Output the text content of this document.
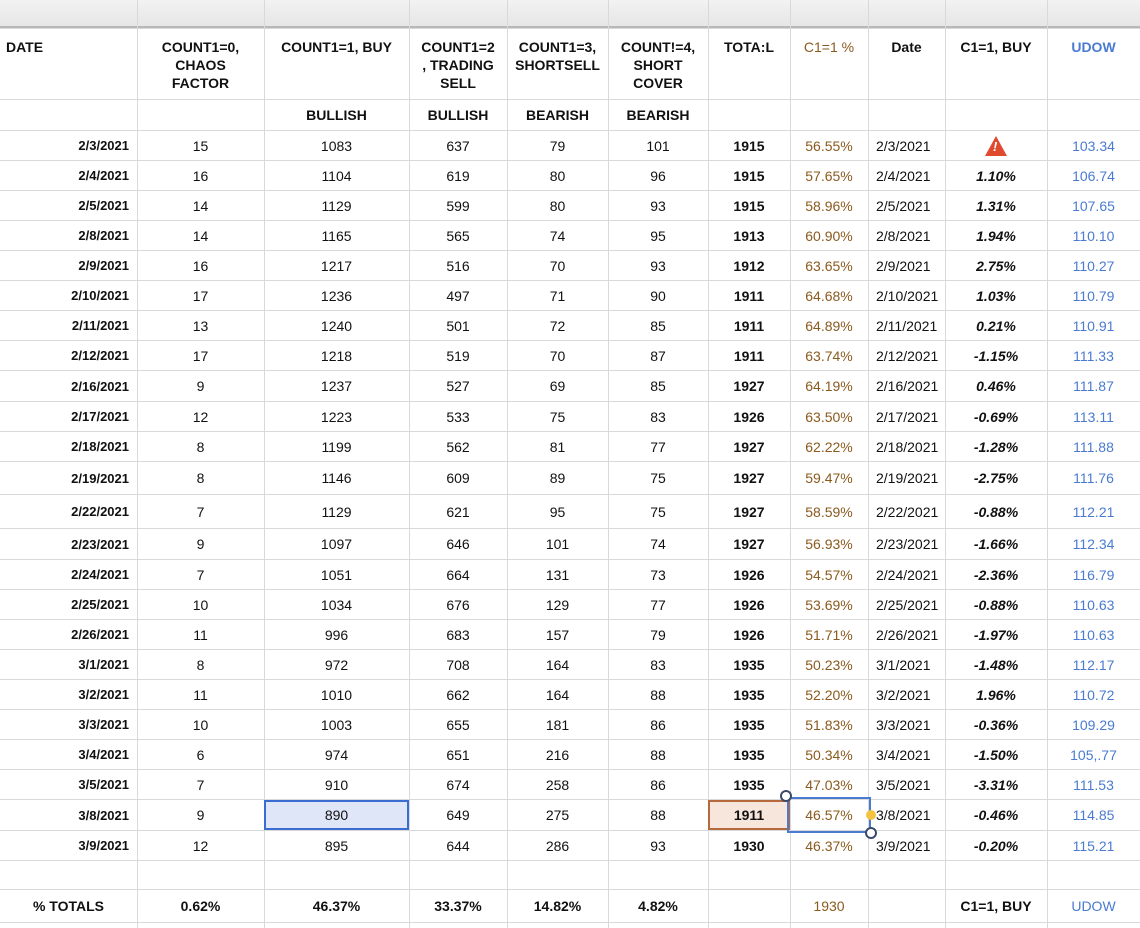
DATE	COUNT1=0,
CHAOS
FACTOR
COUNT1=1, BUY COUNT1=2
, TRADING
SELL
COUNT1=3,
SHORTSELL
COUNT!=4,
SHORT
COVER
TOTA:L C1=1 %	Date	C1=1, BUY	UDOW
BULLISH	BULLISH	BEARISH	BEARISH
2/3/2021	15	1083	637	79	101	1915	56.55%	2/3/2021
!	103.34
2/4/2021	16	1104	619	80	96	1915	57.65%	2/4/2021	1.10%	106.74
2/5/2021	14	1129	599	80	93	1915	58.96%	2/5/2021	1.31%	107.65
2/8/2021	14	1165	565	74	95	1913	60.90%	2/8/2021	1.94%	110.10
2/9/2021	16	1217	516	70	93	1912	63.65%	2/9/2021	2.75%	110.27
2/10/2021	17	1236	497	71	90	1911	64.68%	2/10/2021	1.03%	110.79
2/11/2021	13	1240	501	72	85	1911	64.89%	2/11/2021	0.21%	110.91
2/12/2021	17	1218	519	70	87	1911	63.74%	2/12/2021	-1.15%	111.33
2/16/2021	9	1237	527	69	85	1927	64.19%	2/16/2021	0.46%	111.87
2/17/2021	12	1223	533	75	83	1926	63.50%	2/17/2021	-0.69%	113.11
2/18/2021	8	1199	562	81	77	1927	62.22%	2/18/2021	-1.28%	111.88
2/19/2021	8	1146	609	89	75	1927	59.47%	2/19/2021	-2.75%	111.76
2/22/2021	7	1129	621	95	75	1927	58.59%	2/22/2021	-0.88%	112.21
2/23/2021	9	1097	646	101	74	1927	56.93%	2/23/2021	-1.66%	112.34
2/24/2021	7	1051	664	131	73	1926	54.57%	2/24/2021	-2.36%	116.79
2/25/2021	10	1034	676	129	77	1926	53.69%	2/25/2021	-0.88%	110.63
2/26/2021	11	996	683	157	79	1926	51.71%	2/26/2021	-1.97%	110.63
3/1/2021	8	972	708	164	83	1935	50.23%	3/1/2021	-1.48%	112.17
3/2/2021	11	1010	662	164	88	1935	52.20%	3/2/2021	1.96%	110.72
3/3/2021	10	1003	655	181	86	1935	51.83%	3/3/2021	-0.36%	109.29
3/4/2021	6	974	651	216	88	1935	50.34%	3/4/2021	-1.50%	105,.77
3/5/2021	7	910	674	258	86	1935	47.03%	3/5/2021	-3.31%	111.53
3/8/2021	9	890	649	275	88	1911	46.57%	3/8/2021	-0.46%	114.85
3/9/2021	12	895	644	286	93	1930	46.37%	3/9/2021	-0.20%	115.21
% TOTALS	0.62%	46.37%	33.37%	14.82%	4.82%	1930	C1=1, BUY	UDOW
